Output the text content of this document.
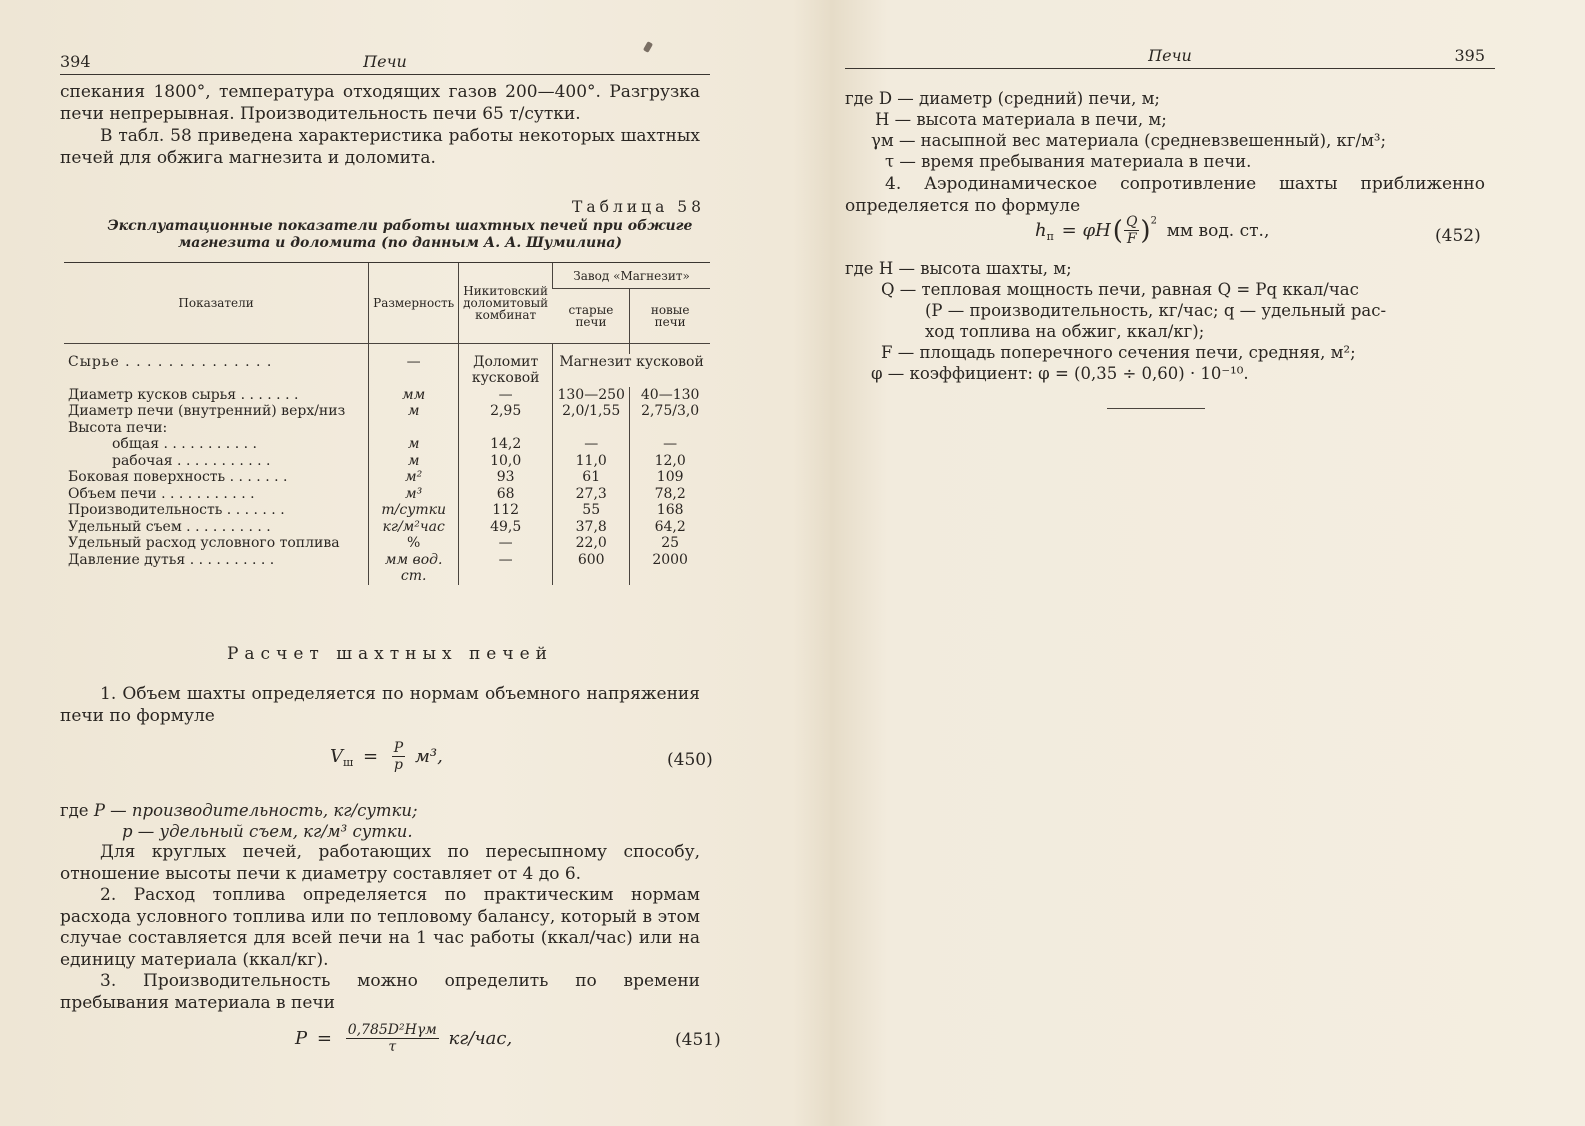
394	Печи

спекания 1800°, температура отходящих газов 200—400°. Разгрузка печи непрерывная. Производительность печи 65 т/сутки.

В табл. 58 приведена характеристика работы некоторых шахтных печей для обжига магнезита и доломита.

Таблица 58
Эксплуатационные показатели работы шахтных печей при обжиге магнезита и доломита (по данным А. А. Шумилина)
Показатели	Размерность	Никитовский доломитовый комбинат	Завод «Магнезит»	
			старые печи	новые печи

Сырье . . . . . . . . . . . . . .	—	Доломит кусковой	Магнезит кусковой	
Диаметр кусков сырья . . . . . . .	мм	—	130—250	40—130
Диаметр печи (внутренний) верх/низ	м	2,95	2,0/1,55	2,75/3,0
Высота печи:				
общая . . . . . . . . . . .	м	14,2	—	—
рабочая . . . . . . . . . . .	м	10,0	11,0	12,0
Боковая поверхность . . . . . . .	м²	93	61	109
Объем печи . . . . . . . . . . .	м³	68	27,3	78,2
Производительность . . . . . . .	т/сутки	112	55	168
Удельный съем . . . . . . . . . .	кг/м²час	49,5	37,8	64,2
Удельный расход условного топлива	%	—	22,0	25
Давление дутья . . . . . . . . . .	мм вод. ст.	—	600	2000
Расчет шахтных печей

1. Объем шахты определяется по нормам объемного напряжения печи по формуле

$V_ш = \frac{P}{p} м^3$,	(450)
где P — производительность, кг/сутки;
p — удельный съем, кг/м³ сутки.

Для круглых печей, работающих по пересыпному способу, отношение высоты печи к диаметру составляет от 4 до 6.

2. Расход топлива определяется по практическим нормам расхода условного топлива или по тепловому балансу, который в этом случае составляется для всей печи на 1 час работы (ккал/час) или на единицу материала (ккал/кг).

3. Производительность можно определить по времени пребывания материала в печи

$P = \frac{\text{0,785D²Hγм}}{\tau} кг/час$,	(451)
Печи	395
где D — диаметр (средний) печи, м;
H — высота материала в печи, м;
γм — насыпной вес материала (средневзвешенный), кг/м³;
τ — время пребывания материала в печи.

4. Аэродинамическое сопротивление шахты приближенно определяется по формуле

$h_п = \varphi H( \frac{Q}{F} )^2$ мм вод. ст.,	(452)
где H — высота шахты, м;
Q — тепловая мощность печи, равная Q = Pq ккал/час
(P — производительность, кг/час; q — удельный рас-
ход топлива на обжиг, ккал/кг);
F — площадь поперечного сечения печи, средняя, м²;
φ — коэффициент: φ = (0,35 ÷ 0,60) · 10⁻¹⁰.
